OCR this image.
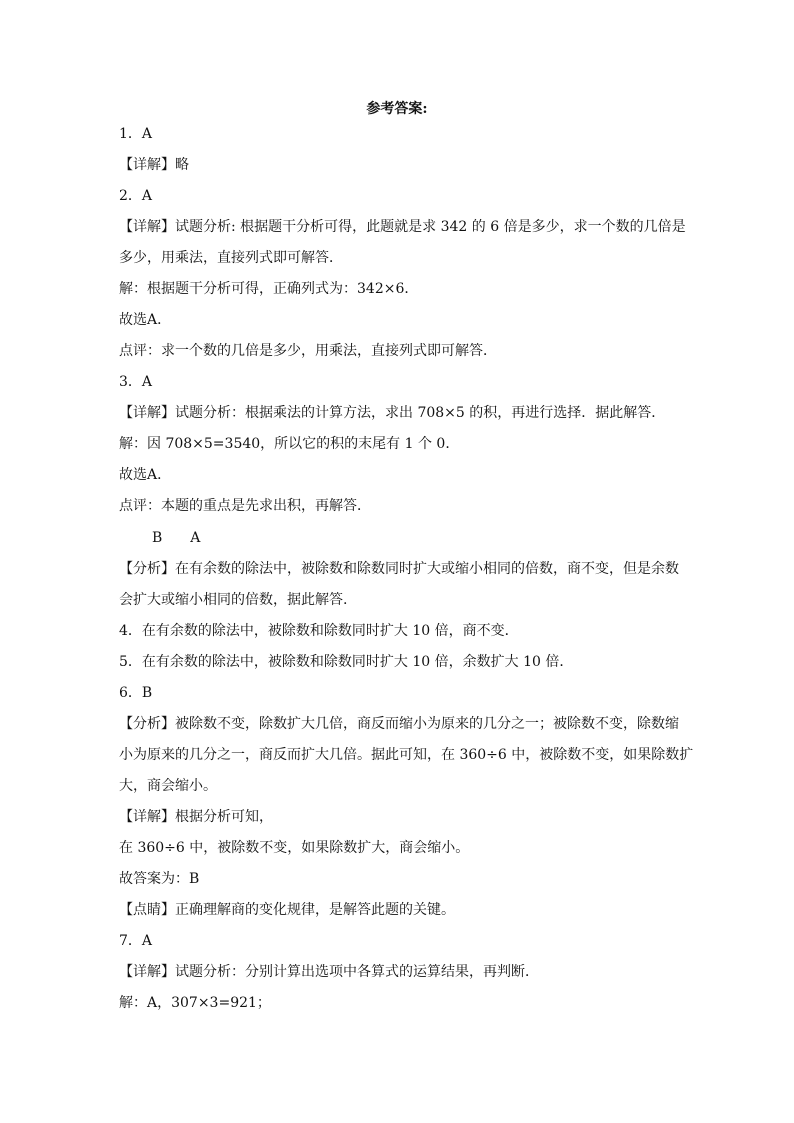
参考答案:
1．A
【详解】略
2．A
【详解】试题分析: 根据题干分析可得，此题就是求 342 的 6 倍是多少，求一个数的几倍是
多少，用乘法，直接列式即可解答．
解：根据题干分析可得，正确列式为：342×6．
故选A．
点评：求一个数的几倍是多少，用乘法，直接列式即可解答．
3．A
【详解】试题分析：根据乘法的计算方法，求出 708×5 的积，再进行选择．据此解答．
解：因 708×5=3540，所以它的积的末尾有 1 个 0．
故选A．
点评：本题的重点是先求出积，再解答．
B　　A
【分析】在有余数的除法中，被除数和除数同时扩大或缩小相同的倍数，商不变，但是余数
会扩大或缩小相同的倍数，据此解答.
4．在有余数的除法中，被除数和除数同时扩大 10 倍，商不变．
5．在有余数的除法中，被除数和除数同时扩大 10 倍，余数扩大 10 倍．
6．B
【分析】被除数不变，除数扩大几倍，商反而缩小为原来的几分之一；被除数不变，除数缩
小为原来的几分之一，商反而扩大几倍。据此可知，在 360÷6 中，被除数不变，如果除数扩
大，商会缩小。
【详解】根据分析可知，
在 360÷6 中，被除数不变，如果除数扩大，商会缩小。
故答案为：B
【点睛】正确理解商的变化规律，是解答此题的关键。
7．A
【详解】试题分析：分别计算出选项中各算式的运算结果，再判断．
解：A，307×3=921；
